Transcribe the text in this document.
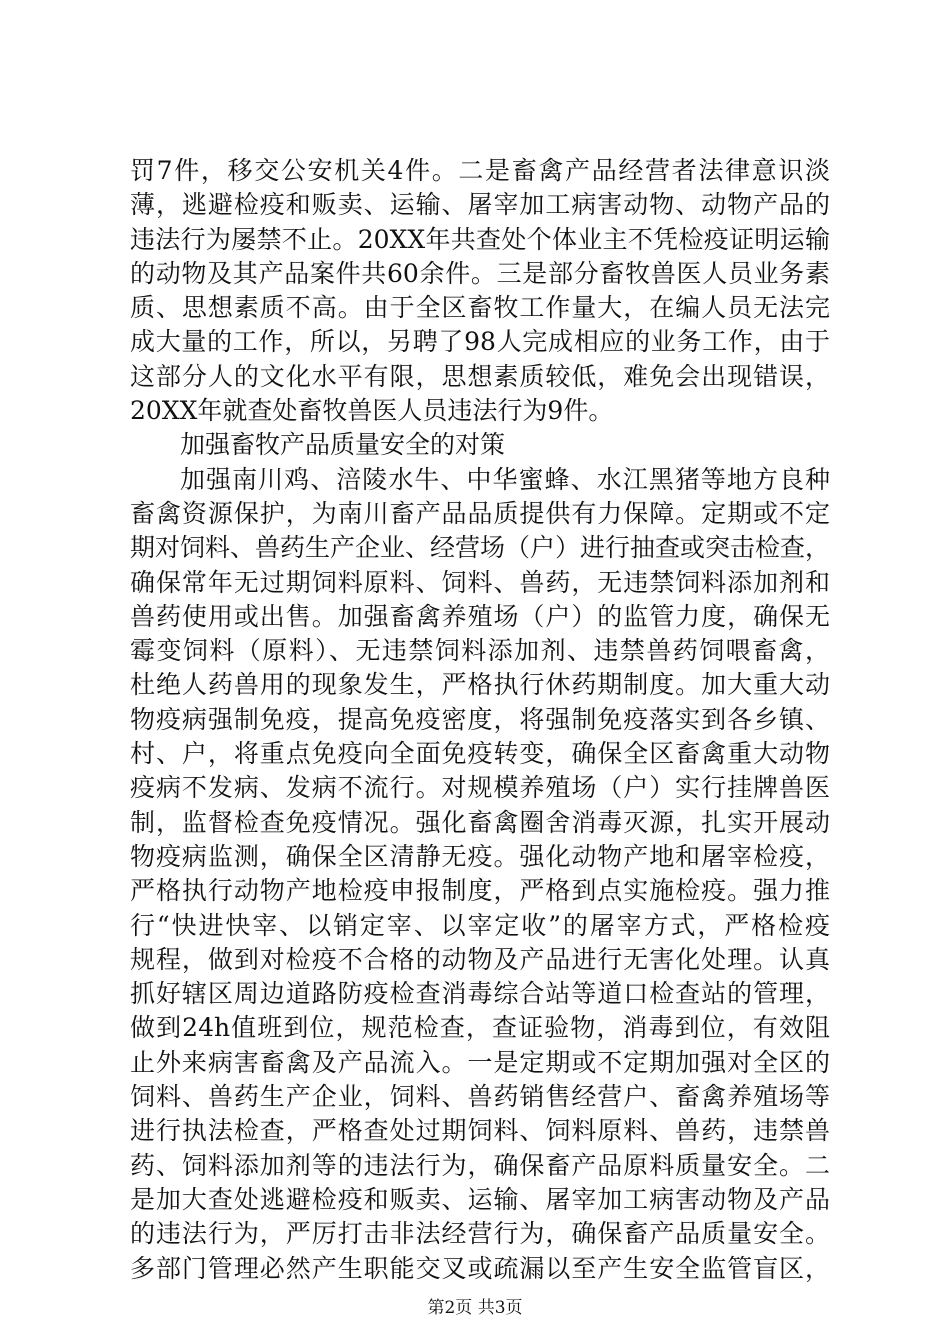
罚7件，移交公安机关4件。二是畜禽产品经营者法律意识淡
薄，逃避检疫和贩卖、运输、屠宰加工病害动物、动物产品的
违法行为屡禁不止。20XX年共查处个体业主不凭检疫证明运输
的动物及其产品案件共60余件。三是部分畜牧兽医人员业务素
质、思想素质不高。由于全区畜牧工作量大，在编人员无法完
成大量的工作，所以，另聘了98人完成相应的业务工作，由于
这部分人的文化水平有限，思想素质较低，难免会出现错误，
20XX年就查处畜牧兽医人员违法行为9件。
加强畜牧产品质量安全的对策
加强南川鸡、涪陵水牛、中华蜜蜂、水江黑猪等地方良种
畜禽资源保护，为南川畜产品品质提供有力保障。定期或不定
期对饲料、兽药生产企业、经营场（户）进行抽查或突击检查，
确保常年无过期饲料原料、饲料、兽药，无违禁饲料添加剂和
兽药使用或出售。加强畜禽养殖场（户）的监管力度，确保无
霉变饲料（原料）、无违禁饲料添加剂、违禁兽药饲喂畜禽，
杜绝人药兽用的现象发生，严格执行休药期制度。加大重大动
物疫病强制免疫，提高免疫密度，将强制免疫落实到各乡镇、
村、户，将重点免疫向全面免疫转变，确保全区畜禽重大动物
疫病不发病、发病不流行。对规模养殖场（户）实行挂牌兽医
制，监督检查免疫情况。强化畜禽圈舍消毒灭源，扎实开展动
物疫病监测，确保全区清静无疫。强化动物产地和屠宰检疫，
严格执行动物产地检疫申报制度，严格到点实施检疫。强力推
行“快进快宰、以销定宰、以宰定收”的屠宰方式，严格检疫
规程，做到对检疫不合格的动物及产品进行无害化处理。认真
抓好辖区周边道路防疫检查消毒综合站等道口检查站的管理，
做到24h值班到位，规范检查，查证验物，消毒到位，有效阻
止外来病害畜禽及产品流入。一是定期或不定期加强对全区的
饲料、兽药生产企业，饲料、兽药销售经营户、畜禽养殖场等
进行执法检查，严格查处过期饲料、饲料原料、兽药，违禁兽
药、饲料添加剂等的违法行为，确保畜产品原料质量安全。二
是加大查处逃避检疫和贩卖、运输、屠宰加工病害动物及产品
的违法行为，严厉打击非法经营行为，确保畜产品质量安全。
多部门管理必然产生职能交叉或疏漏以至产生安全监管盲区，
第2页 共3页
